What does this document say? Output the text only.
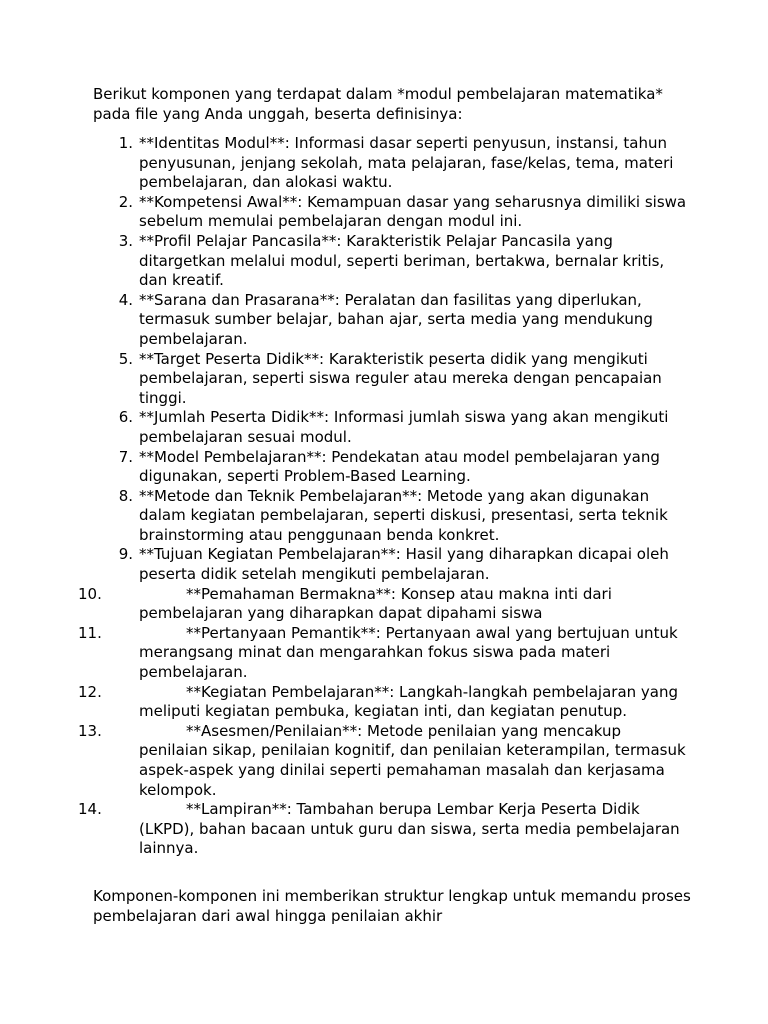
Berikut komponen yang terdapat dalam *modul pembelajaran matematika* pada file yang Anda unggah, beserta definisinya:

1. **Identitas Modul**: Informasi dasar seperti penyusun, instansi, tahun penyusunan, jenjang sekolah, mata pelajaran, fase/kelas, tema, materi pembelajaran, dan alokasi waktu.
2. **Kompetensi Awal**: Kemampuan dasar yang seharusnya dimiliki siswa sebelum memulai pembelajaran dengan modul ini.
3. **Profil Pelajar Pancasila**: Karakteristik Pelajar Pancasila yang ditargetkan melalui modul, seperti beriman, bertakwa, bernalar kritis, dan kreatif.
4. **Sarana dan Prasarana**: Peralatan dan fasilitas yang diperlukan, termasuk sumber belajar, bahan ajar, serta media yang mendukung pembelajaran.
5. **Target Peserta Didik**: Karakteristik peserta didik yang mengikuti pembelajaran, seperti siswa reguler atau mereka dengan pencapaian tinggi.
6. **Jumlah Peserta Didik**: Informasi jumlah siswa yang akan mengikuti pembelajaran sesuai modul.
7. **Model Pembelajaran**: Pendekatan atau model pembelajaran yang digunakan, seperti Problem-Based Learning.
8. **Metode dan Teknik Pembelajaran**: Metode yang akan digunakan dalam kegiatan pembelajaran, seperti diskusi, presentasi, serta teknik brainstorming atau penggunaan benda konkret.
9. **Tujuan Kegiatan Pembelajaran**: Hasil yang diharapkan dicapai oleh peserta didik setelah mengikuti pembelajaran.
10.	**Pemahaman Bermakna**: Konsep atau makna inti dari pembelajaran yang diharapkan dapat dipahami siswa
11.	**Pertanyaan Pemantik**: Pertanyaan awal yang bertujuan untuk merangsang minat dan mengarahkan fokus siswa pada materi pembelajaran.
12.	**Kegiatan Pembelajaran**: Langkah-langkah pembelajaran yang meliputi kegiatan pembuka, kegiatan inti, dan kegiatan penutup.
13.	**Asesmen/Penilaian**: Metode penilaian yang mencakup penilaian sikap, penilaian kognitif, dan penilaian keterampilan, termasuk aspek-aspek yang dinilai seperti pemahaman masalah dan kerjasama kelompok.
14.	**Lampiran**: Tambahan berupa Lembar Kerja Peserta Didik (LKPD), bahan bacaan untuk guru dan siswa, serta media pembelajaran lainnya.

Komponen-komponen ini memberikan struktur lengkap untuk memandu proses pembelajaran dari awal hingga penilaian akhir
